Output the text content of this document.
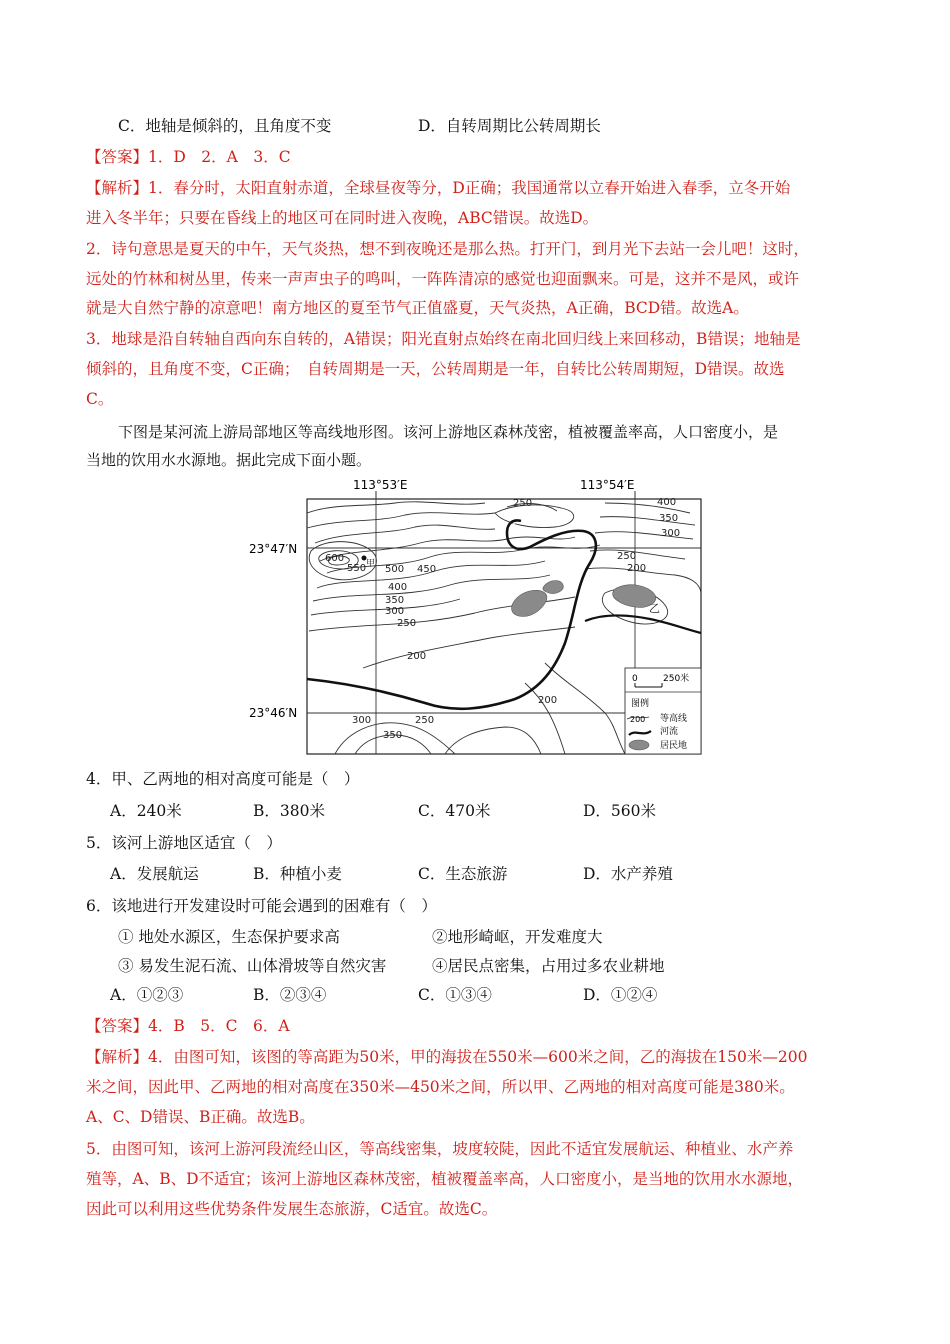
C．地轴是倾斜的，且角度不变	D．自转周期比公转周期长
【答案】1．D　2．A　3．C
【解析】1．春分时，太阳直射赤道，全球昼夜等分，D正确；我国通常以立春开始进入春季，立冬开始
进入冬半年；只要在昏线上的地区可在同时进入夜晚，ABC错误。故选D。
2．诗句意思是夏天的中午，天气炎热，想不到夜晚还是那么热。打开门，到月光下去站一会儿吧！这时，
远处的竹林和树丛里，传来一声声虫子的鸣叫，一阵阵清凉的感觉也迎面飘来。可是，这并不是风，或许
就是大自然宁静的凉意吧！南方地区的夏至节气正值盛夏，天气炎热，A正确，BCD错。故选A。
3．地球是沿自转轴自西向东自转的，A错误；阳光直射点始终在南北回归线上来回移动，B错误；地轴是
倾斜的，且角度不变，C正确；　自转周期是一天，公转周期是一年，自转比公转周期短，D错误。故选
C。
下图是某河流上游局部地区等高线地形图。该河上游地区森林茂密，植被覆盖率高，人口密度小，是
当地的饮用水水源地。据此完成下面小题。
113°53′E	113°54′E
23°47′N
23°46′N
250	400
350
300
250
200
600
550 甲 500 450
400
350
300
250
200
200
乙
300	250
350
0	250米
图例
200 等高线
河流
居民地
4．甲、乙两地的相对高度可能是（　）
A．240米	B．380米	C．470米	D．560米
5．该河上游地区适宜（　）
A．发展航运	B．种植小麦	C．生态旅游	D．水产养殖
6．该地进行开发建设时可能会遇到的困难有（　）
① 地处水源区，生态保护要求高	②地形崎岖，开发难度大
③ 易发生泥石流、山体滑坡等自然灾害	④居民点密集，占用过多农业耕地
A．①②③	B．②③④	C．①③④	D．①②④
【答案】4．B　5．C　6．A
【解析】4．由图可知，该图的等高距为50米，甲的海拔在550米—600米之间，乙的海拔在150米—200
米之间，因此甲、乙两地的相对高度在350米—450米之间，所以甲、乙两地的相对高度可能是380米。
A、C、D错误、B正确。故选B。
5．由图可知，该河上游河段流经山区，等高线密集，坡度较陡，因此不适宜发展航运、种植业、水产养
殖等，A、B、D不适宜；该河上游地区森林茂密，植被覆盖率高，人口密度小，是当地的饮用水水源地，
因此可以利用这些优势条件发展生态旅游，C适宜。故选C。
